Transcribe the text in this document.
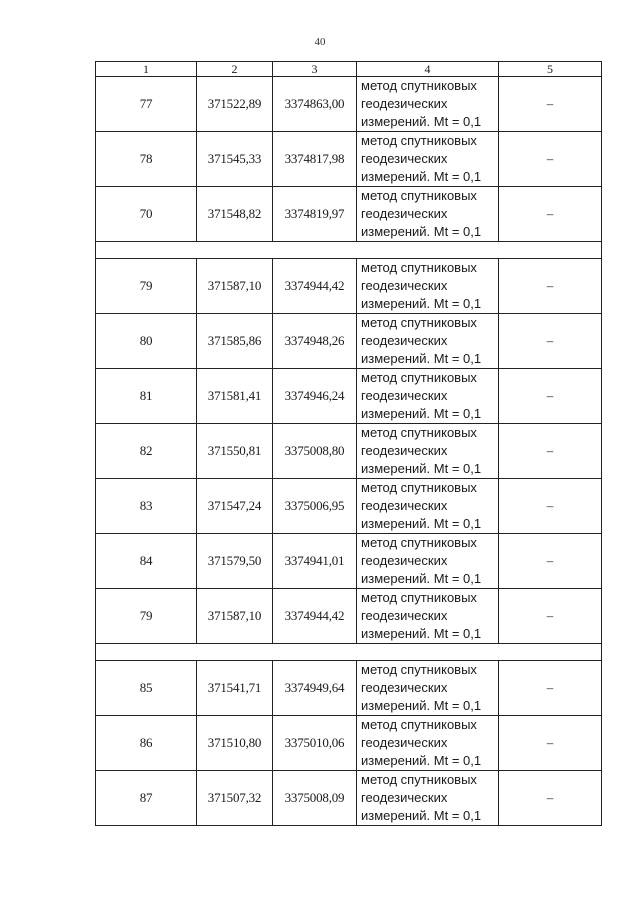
40
1	2	3	4	5
77	371522,89	3374863,00	метод спутниковых
геодезических
измерений. Mt = 0,1	–
78	371545,33	3374817,98	метод спутниковых
геодезических
измерений. Mt = 0,1	–
70	371548,82	3374819,97	метод спутниковых
геодезических
измерений. Mt = 0,1	–

79	371587,10	3374944,42	метод спутниковых
геодезических
измерений. Mt = 0,1	–
80	371585,86	3374948,26	метод спутниковых
геодезических
измерений. Mt = 0,1	–
81	371581,41	3374946,24	метод спутниковых
геодезических
измерений. Mt = 0,1	–
82	371550,81	3375008,80	метод спутниковых
геодезических
измерений. Mt = 0,1	–
83	371547,24	3375006,95	метод спутниковых
геодезических
измерений. Mt = 0,1	–
84	371579,50	3374941,01	метод спутниковых
геодезических
измерений. Mt = 0,1	–
79	371587,10	3374944,42	метод спутниковых
геодезических
измерений. Mt = 0,1	–

85	371541,71	3374949,64	метод спутниковых
геодезических
измерений. Mt = 0,1	–
86	371510,80	3375010,06	метод спутниковых
геодезических
измерений. Mt = 0,1	–
87	371507,32	3375008,09	метод спутниковых
геодезических
измерений. Mt = 0,1	–
